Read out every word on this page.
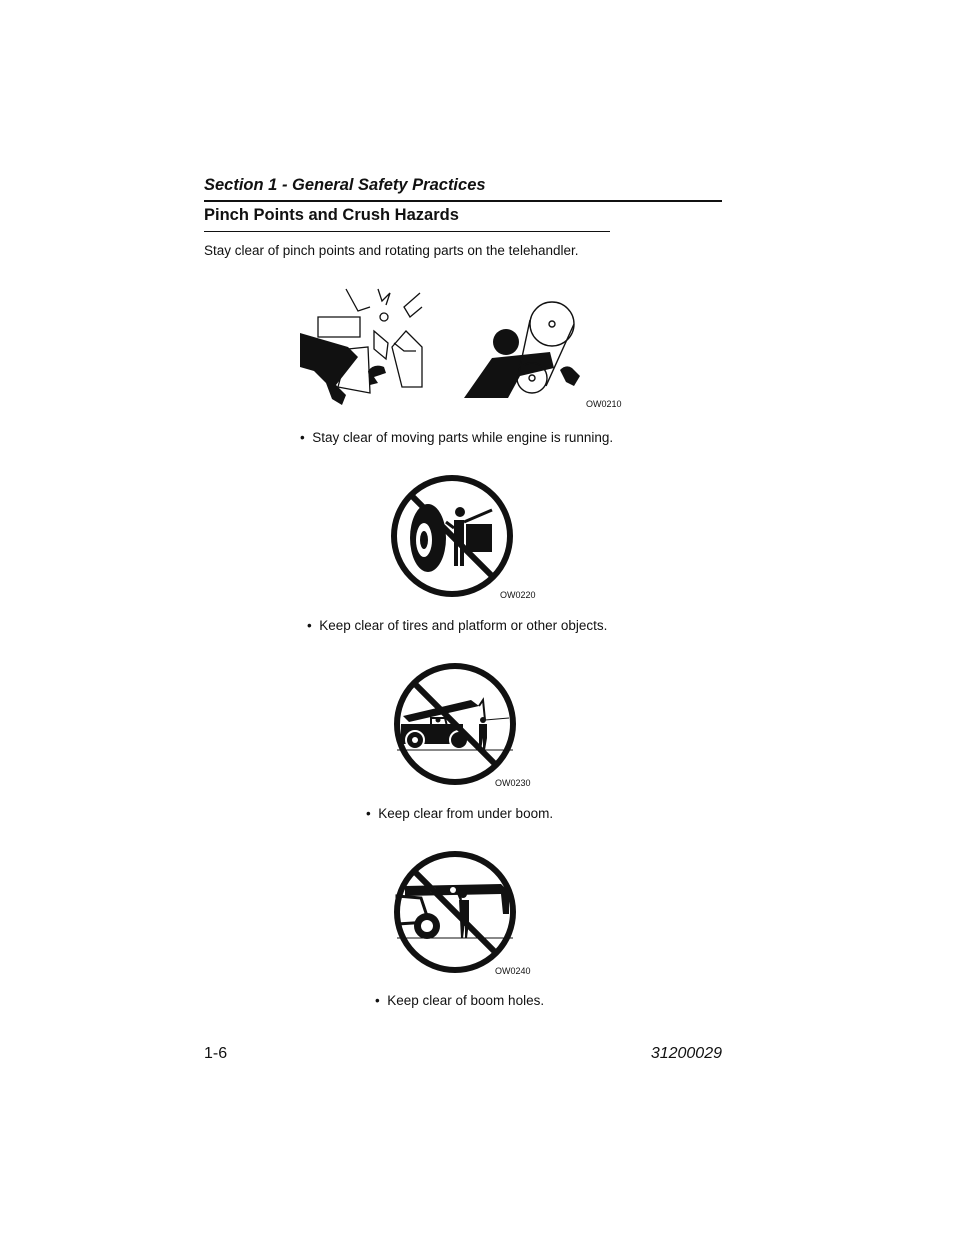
Section 1 - General Safety Practices
Pinch Points and Crush Hazards
Stay clear of pinch points and rotating parts on the telehandler.
OW0210
•  Stay clear of moving parts while engine is running.
OW0220
•  Keep clear of tires and platform or other objects.
OW0230
•  Keep clear from under boom.
OW0240
•  Keep clear of boom holes.
1-6	31200029
